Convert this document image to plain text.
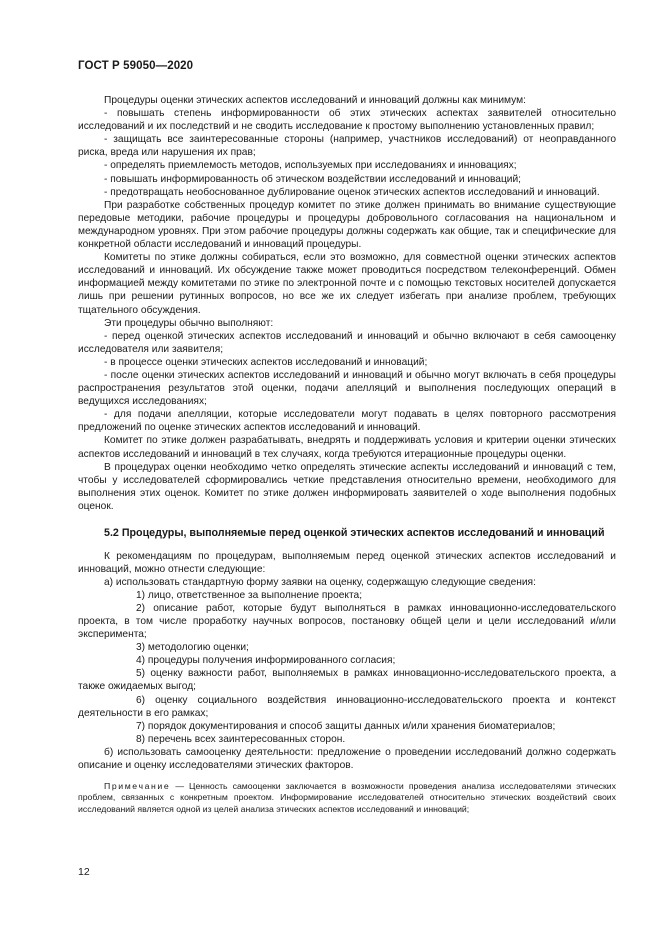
ГОСТ Р 59050—2020

Процедуры оценки этических аспектов исследований и инноваций должны как минимум:

- повышать степень информированности об этих этических аспектах заявителей относительно исследований и их последствий и не сводить исследование к простому выполнению установленных правил;

- защищать все заинтересованные стороны (например, участников исследований) от неоправданного риска, вреда или нарушения их прав;

- определять приемлемость методов, используемых при исследованиях и инновациях;

- повышать информированность об этическом воздействии исследований и инноваций;

- предотвращать необоснованное дублирование оценок этических аспектов исследований и инноваций.

При разработке собственных процедур комитет по этике должен принимать во внимание существующие передовые методики, рабочие процедуры и процедуры добровольного согласования на национальном и международном уровнях. При этом рабочие процедуры должны содержать как общие, так и специфические для конкретной области исследований и инноваций процедуры.

Комитеты по этике должны собираться, если это возможно, для совместной оценки этических аспектов исследований и инноваций. Их обсуждение также может проводиться посредством телеконференций. Обмен информацией между комитетами по этике по электронной почте и с помощью текстовых носителей допускается лишь при решении рутинных вопросов, но все же их следует избегать при анализе проблем, требующих тщательного обсуждения.

Эти процедуры обычно выполняют:

- перед оценкой этических аспектов исследований и инноваций и обычно включают в себя самооценку исследователя или заявителя;

- в процессе оценки этических аспектов исследований и инноваций;

- после оценки этических аспектов исследований и инноваций и обычно могут включать в себя процедуры распространения результатов этой оценки, подачи апелляций и выполнения последующих операций в ведущихся исследованиях;

- для подачи апелляции, которые исследователи могут подавать в целях повторного рассмотрения предложений по оценке этических аспектов исследований и инноваций.

Комитет по этике должен разрабатывать, внедрять и поддерживать условия и критерии оценки этических аспектов исследований и инноваций в тех случаях, когда требуются итерационные процедуры оценки.

В процедурах оценки необходимо четко определять этические аспекты исследований и инноваций с тем, чтобы у исследователей сформировались четкие представления относительно времени, необходимого для выполнения этих оценок. Комитет по этике должен информировать заявителей о ходе выполнения подобных оценок.

5.2 Процедуры, выполняемые перед оценкой этических аспектов исследований и инноваций

К рекомендациям по процедурам, выполняемым перед оценкой этических аспектов исследований и инноваций, можно отнести следующие:

а) использовать стандартную форму заявки на оценку, содержащую следующие сведения:

1) лицо, ответственное за выполнение проекта;

2) описание работ, которые будут выполняться в рамках инновационно-исследовательского проекта, в том числе проработку научных вопросов, постановку общей цели и цели исследований и/или эксперимента;

3) методологию оценки;

4) процедуры получения информированного согласия;

5) оценку важности работ, выполняемых в рамках инновационно-исследовательского проекта, а также ожидаемых выгод;

6) оценку социального воздействия инновационно-исследовательского проекта и контекст деятельности в его рамках;

7) порядок документирования и способ защиты данных и/или хранения биоматериалов;

8) перечень всех заинтересованных сторон.

б) использовать самооценку деятельности: предложение о проведении исследований должно содержать описание и оценку исследователями этических факторов.

Примечание — Ценность самооценки заключается в возможности проведения анализа исследователями этических проблем, связанных с конкретным проектом. Информирование исследователей относительно этических воздействий своих исследований является одной из целей анализа этических аспектов исследований и инноваций;

12
